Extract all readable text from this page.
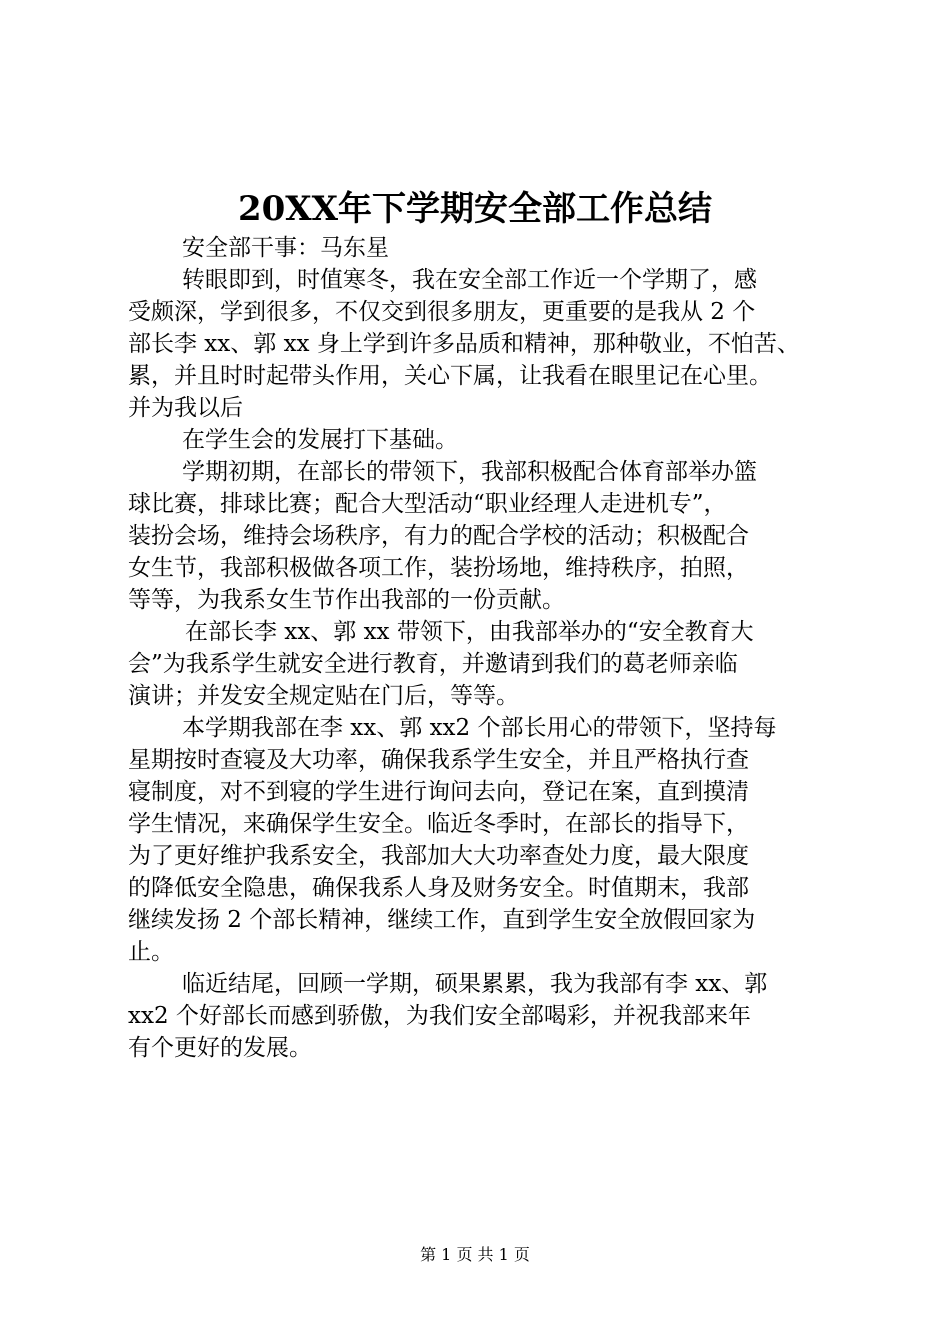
20XX年下学期安全部工作总结
安全部干事：马东星
转眼即到，时值寒冬，我在安全部工作近一个学期了，感
受颇深，学到很多，不仅交到很多朋友，更重要的是我从 2 个
部长李 xx、郭 xx 身上学到许多品质和精神，那种敬业，不怕苦、
累，并且时时起带头作用，关心下属，让我看在眼里记在心里。
并为我以后
在学生会的发展打下基础。
学期初期，在部长的带领下，我部积极配合体育部举办篮
球比赛，排球比赛；配合大型活动“职业经理人走进机专”，
装扮会场，维持会场秩序，有力的配合学校的活动；积极配合
女生节，我部积极做各项工作，装扮场地，维持秩序，拍照，
等等，为我系女生节作出我部的一份贡献。
在部长李 xx、郭 xx 带领下，由我部举办的“安全教育大
会”为我系学生就安全进行教育，并邀请到我们的葛老师亲临
演讲；并发安全规定贴在门后，等等。
本学期我部在李 xx、郭 xx2 个部长用心的带领下，坚持每
星期按时查寝及大功率，确保我系学生安全，并且严格执行查
寝制度，对不到寝的学生进行询问去向，登记在案，直到摸清
学生情况，来确保学生安全。临近冬季时，在部长的指导下，
为了更好维护我系安全，我部加大大功率查处力度，最大限度
的降低安全隐患，确保我系人身及财务安全。时值期末，我部
继续发扬 2 个部长精神，继续工作，直到学生安全放假回家为
止。
临近结尾，回顾一学期，硕果累累，我为我部有李 xx、郭
xx2 个好部长而感到骄傲，为我们安全部喝彩，并祝我部来年
有个更好的发展。
第 1 页 共 1 页
